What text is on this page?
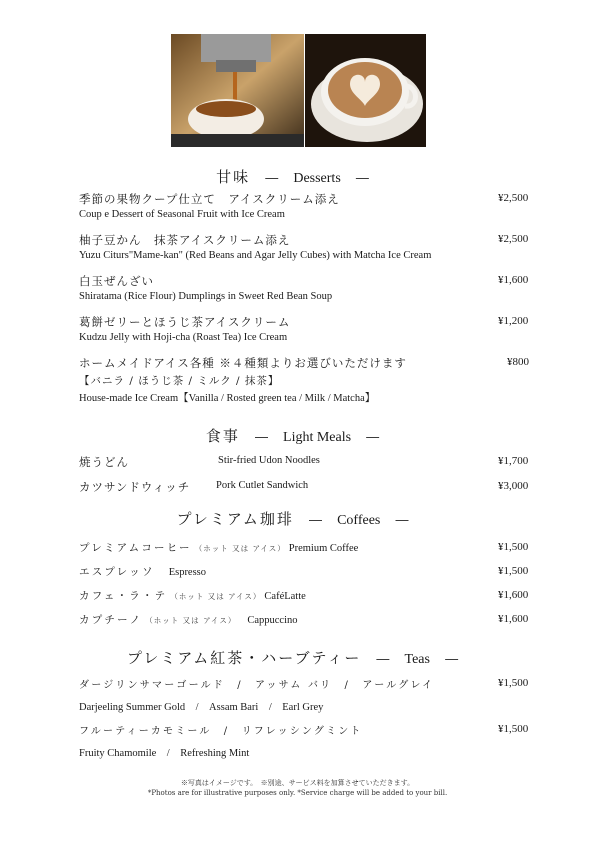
甘味 ― Desserts ―
季節の果物クープ仕立て　アイスクリーム添え	¥2,500
Coup e Dessert of Seasonal Fruit with Ice Cream
柚子豆かん　抹茶アイスクリーム添え	¥2,500
Yuzu Citurs"Mame-kan" (Red Beans and Agar Jelly Cubes) with Matcha Ice Cream
白玉ぜんざい	¥1,600
Shiratama (Rice Flour) Dumplings in Sweet Red Bean Soup
葛餅ゼリーとほうじ茶アイスクリーム	¥1,200
Kudzu Jelly with Hoji-cha (Roast Tea) Ice Cream
ホームメイドアイス各種 ※４種類よりお選びいただけます	¥800
【バニラ / ほうじ茶 / ミルク / 抹茶】
House-made Ice Cream【Vanilla / Rosted green tea / Milk / Matcha】
食事 ― Light Meals ―
焼うどん	Stir-fried Udon Noodles	¥1,700
カツサンドウィッチ Pork Cutlet Sandwich	¥3,000
プレミアム珈琲 ― Coffees ―
プレミアムコーヒー （ホット 又は アイス） Premium Coffee	¥1,500
エスプレッソ Espresso	¥1,500
カフェ・ラ・テ （ホット 又は アイス） CaféLatte	¥1,600
カプチーノ （ホット 又は アイス） Cappuccino	¥1,600
プレミアム紅茶・ハーブティー ― Teas ―
ダージリンサマーゴールド　/　アッサム バリ　/　アールグレイ	¥1,500
Darjeeling Summer Gold　/　Assam Bari　/　Earl Grey
フルーティーカモミール　/　リフレッシングミント	¥1,500
Fruity Chamomile　/　Refreshing Mint
※写真はイメージです。　※別途、サービス料を加算させていただきます。
*Photos are for illustrative purposes only. *Service charge will be added to your bill.
